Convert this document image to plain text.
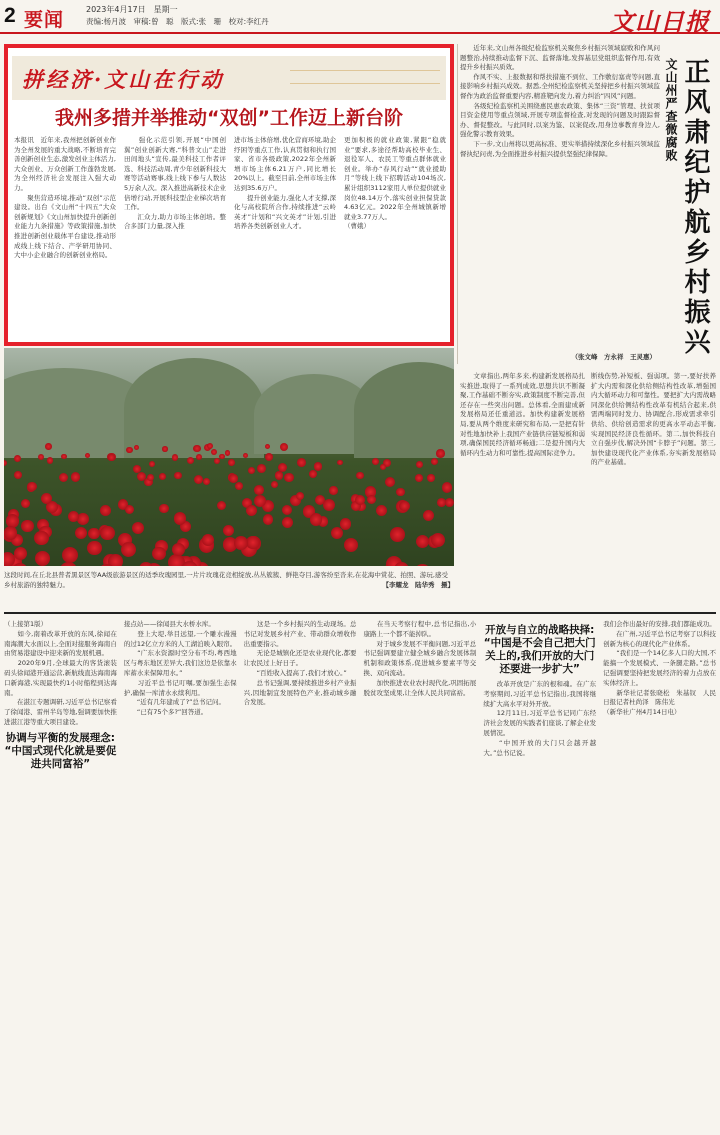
2 要闻	2023年4月17日　星期一
责编:杨月波　审稿:曾　聪　版式:张　珊　校对:李红丹	文山日报
拼经济·文山在行动
我州多措并举推动“双创”工作迈上新台阶
本报讯　近年来,我州把创新创业作为全州发展的重大战略,不断培育完善创新创业生态,激发创业主体活力,大众创业、万众创新工作蓬勃发展,为全州经济社会发展注入强大动力。
　　聚焦营造环境,推动“双创”示范建设。出台《文山州“十四五”大众创新规划》《文山州加快提升创新创业能力九条措施》等政策措施,加快推进创新创业载体平台建设,推动形成线上线下结合、产学研用协同、大中小企业融合的创新创业格局。
　　强化示范引领,开展“中国创翼”创业创新大赛,“科普文山”走进田间地头“宣传,最美科技工作者评选、科技活动周,青少年创新科技大赛等活动赛事,线上线下参与人数达5万余人次。深入推进高新技术企业倍增行动,开展科技型企业梯次培育工作。
　　汇众力,助力市场主体创培。整合多部门力量,深入推
进市场主体倍增,优化营商环境,助企纾困等重点工作,认真贯彻和执行国家、省市各级政策,2022年全州新增市场主体6.21万户,同比增长20%以上。截至目前,全州市场主体达到35.6万户。
　　提升创业能力,强化人才支撑,深化与高校院所合作,持续推进“云岭英才”计划和“兴文英才”计划,引进培养各类创新创业人才。
更加积极的就业政策,紧跟“稳就业”要求,多途径帮助高校毕业生、退役军人、农民工等重点群体就业创业。举办“春风行动”“就业援助月”等线上线下招聘活动104场次,累计组织3112家用人单位提供就业岗位48.14万个,落实创业担保贷款4.63亿元。2022年全州城镇新增就业3.77万人。
（曹娥）
　　近年来,文山州各级纪检监察机关聚焦乡村振兴领域腐败和作风问题整治,持续推动监督下沉、监督落地,发挥基层党组织监督作用,有效提升乡村振兴质效。
　　作风不实、上报数据和帮扶措施不到位、工作敷衍塞责等问题,直接影响乡村振兴成效。据悉,全州纪检监察机关坚持把乡村振兴领域监督作为政治监督重要内容,精准靶向发力,着力纠治“四风”问题。
　　各级纪检监察机关围绕惠民惠农政策、集体“三资”管理、扶贫项目资金使用等重点领域,开展专项监督检查,对发现的问题及时跟踪督办、督促整改。与此同时,以案为鉴、以案促改,用身边事教育身边人,强化警示教育效果。
　　下一步,文山州将以更高标准、更实举措持续深化乡村振兴领域监督执纪问责,为全面推进乡村振兴提供坚强纪律保障。	正风肃纪护航乡村振兴
文山州严查微腐败
（张文峰　方永祥　王灵惠）
这段时间,在丘北县普者黑景区等AA级旅游景区的适季玫瑰园里,一片片玫瑰花竞相绽放,丛丛簇簇、鲜艳夺目,游客纷至沓来,在花海中赏花、拍照、游玩,感受乡村旅游的独特魅力。	【李耀龙　陆华秀　摄】
　　文章指出,两年多来,构建新发展格局扎实推进,取得了一系列成效,思想共识不断凝聚,工作基础不断夯实,政策制度不断完善,但还存在一些突出问题。总体看,全面建成新发展格局还任重道远。加快构建新发展格局,要从两个维度来研究和布局,一是把有针对性地加快补上我国产业链供应链短板和弱项,确保国民经济循环畅通;二是提升国内大循环内生动力和可靠性,提高国际竞争力。
断线伤势,补短板、强弱项。第一,要好扶养扩大内需和深化供给侧结构性改革,增强国内大循环动力和可靠性。要把扩大内需战略同深化供给侧结构性改革有机结合起来,供需两端同时发力、协调配合,形成需求牵引供给、供给创造需求的更高水平动态平衡,实现国民经济良性循环。第二,加快科技自立自强步伐,解决外国“卡脖子”问题。第三,加快建设现代化产业体系,夯实新发展格局的产业基础。

（上接第1版）
　　如今,南着改革开放的东风,徐闻在南海潮大水面以上,全面对接服务海南自由贸易港建设中迎来新的发展机遇。
　　2020年9月,全球最大的客货滚装码头徐闻港开通运营,新航线直达海南海口新海港,实现最快约1小时船程到达海南。
　　在湛江专题调研,习近平总书记察看了徐闻港、雷州半岛等地,强调要加快推进湛江港等重大项目建设。

协调与平衡的发展理念:
“中国式现代化就是要促进共同富裕”

接点站——徐闻县大水桥水库。
　　登上大堤,举目远望,一个雕水漫漫的过12亿立方米的人工湖泊映入眼帘。
　　“广东水资源时空分布不均,粤西地区与粤东地区差异大,我们这边是依靠水库蓄水来保障用水。”
　　习近平总书记叮嘱,要加强生态保护,确保一库清水永续利用。
　　“近有几年建成了?”总书记问。
　　“已有75个多?”回答道。

　　这是一个乡村振兴的生动现场。总书记对发展乡村产业、带动群众增收作出重要指示。
　　无论是城镇化还是农业现代化,都要让农民过上好日子。
　　“百姓收入提高了,我们才放心。”
　　总书记强调,要持续推进乡村产业振兴,因地制宜发展特色产业,推动城乡融合发展。

　　在当天考察行程中,总书记指出,小康路上一个都不能掉队。
　　对于城乡发展不平衡问题,习近平总书记强调要建立健全城乡融合发展体制机制和政策体系,促进城乡要素平等交换、双向流动。
　　加快推进农业农村现代化,巩固拓展脱贫攻坚成果,让全体人民共同富裕。

开放与自立的战略抉择:
“中国是不会自己把大门关上的,我们开放的大门还要进一步扩大”

　　改革开放是广东的根和魂。在广东考察期间,习近平总书记指出,我国将继续扩大高水平对外开放。
　　12月11日,习近平总书记同广东经济社会发展的实践者们座谈,了解企业发展情况。
　　“中国开放的大门只会越开越大。”总书记说。

我们会作出最好的安排,我们都能成功。
　　在广州,习近平总书记考察了以科技创新为核心的现代化产业体系。
　　“我们是一个14亿多人口的大国,不能搞一个发展模式、一条腿走路。”总书记强调要坚持把发展经济的着力点放在实体经济上。
　　新华社记者张晓松　朱基钗　人民日报记者杜尚泽　陈伟光
（新华社广州4月14日电）
